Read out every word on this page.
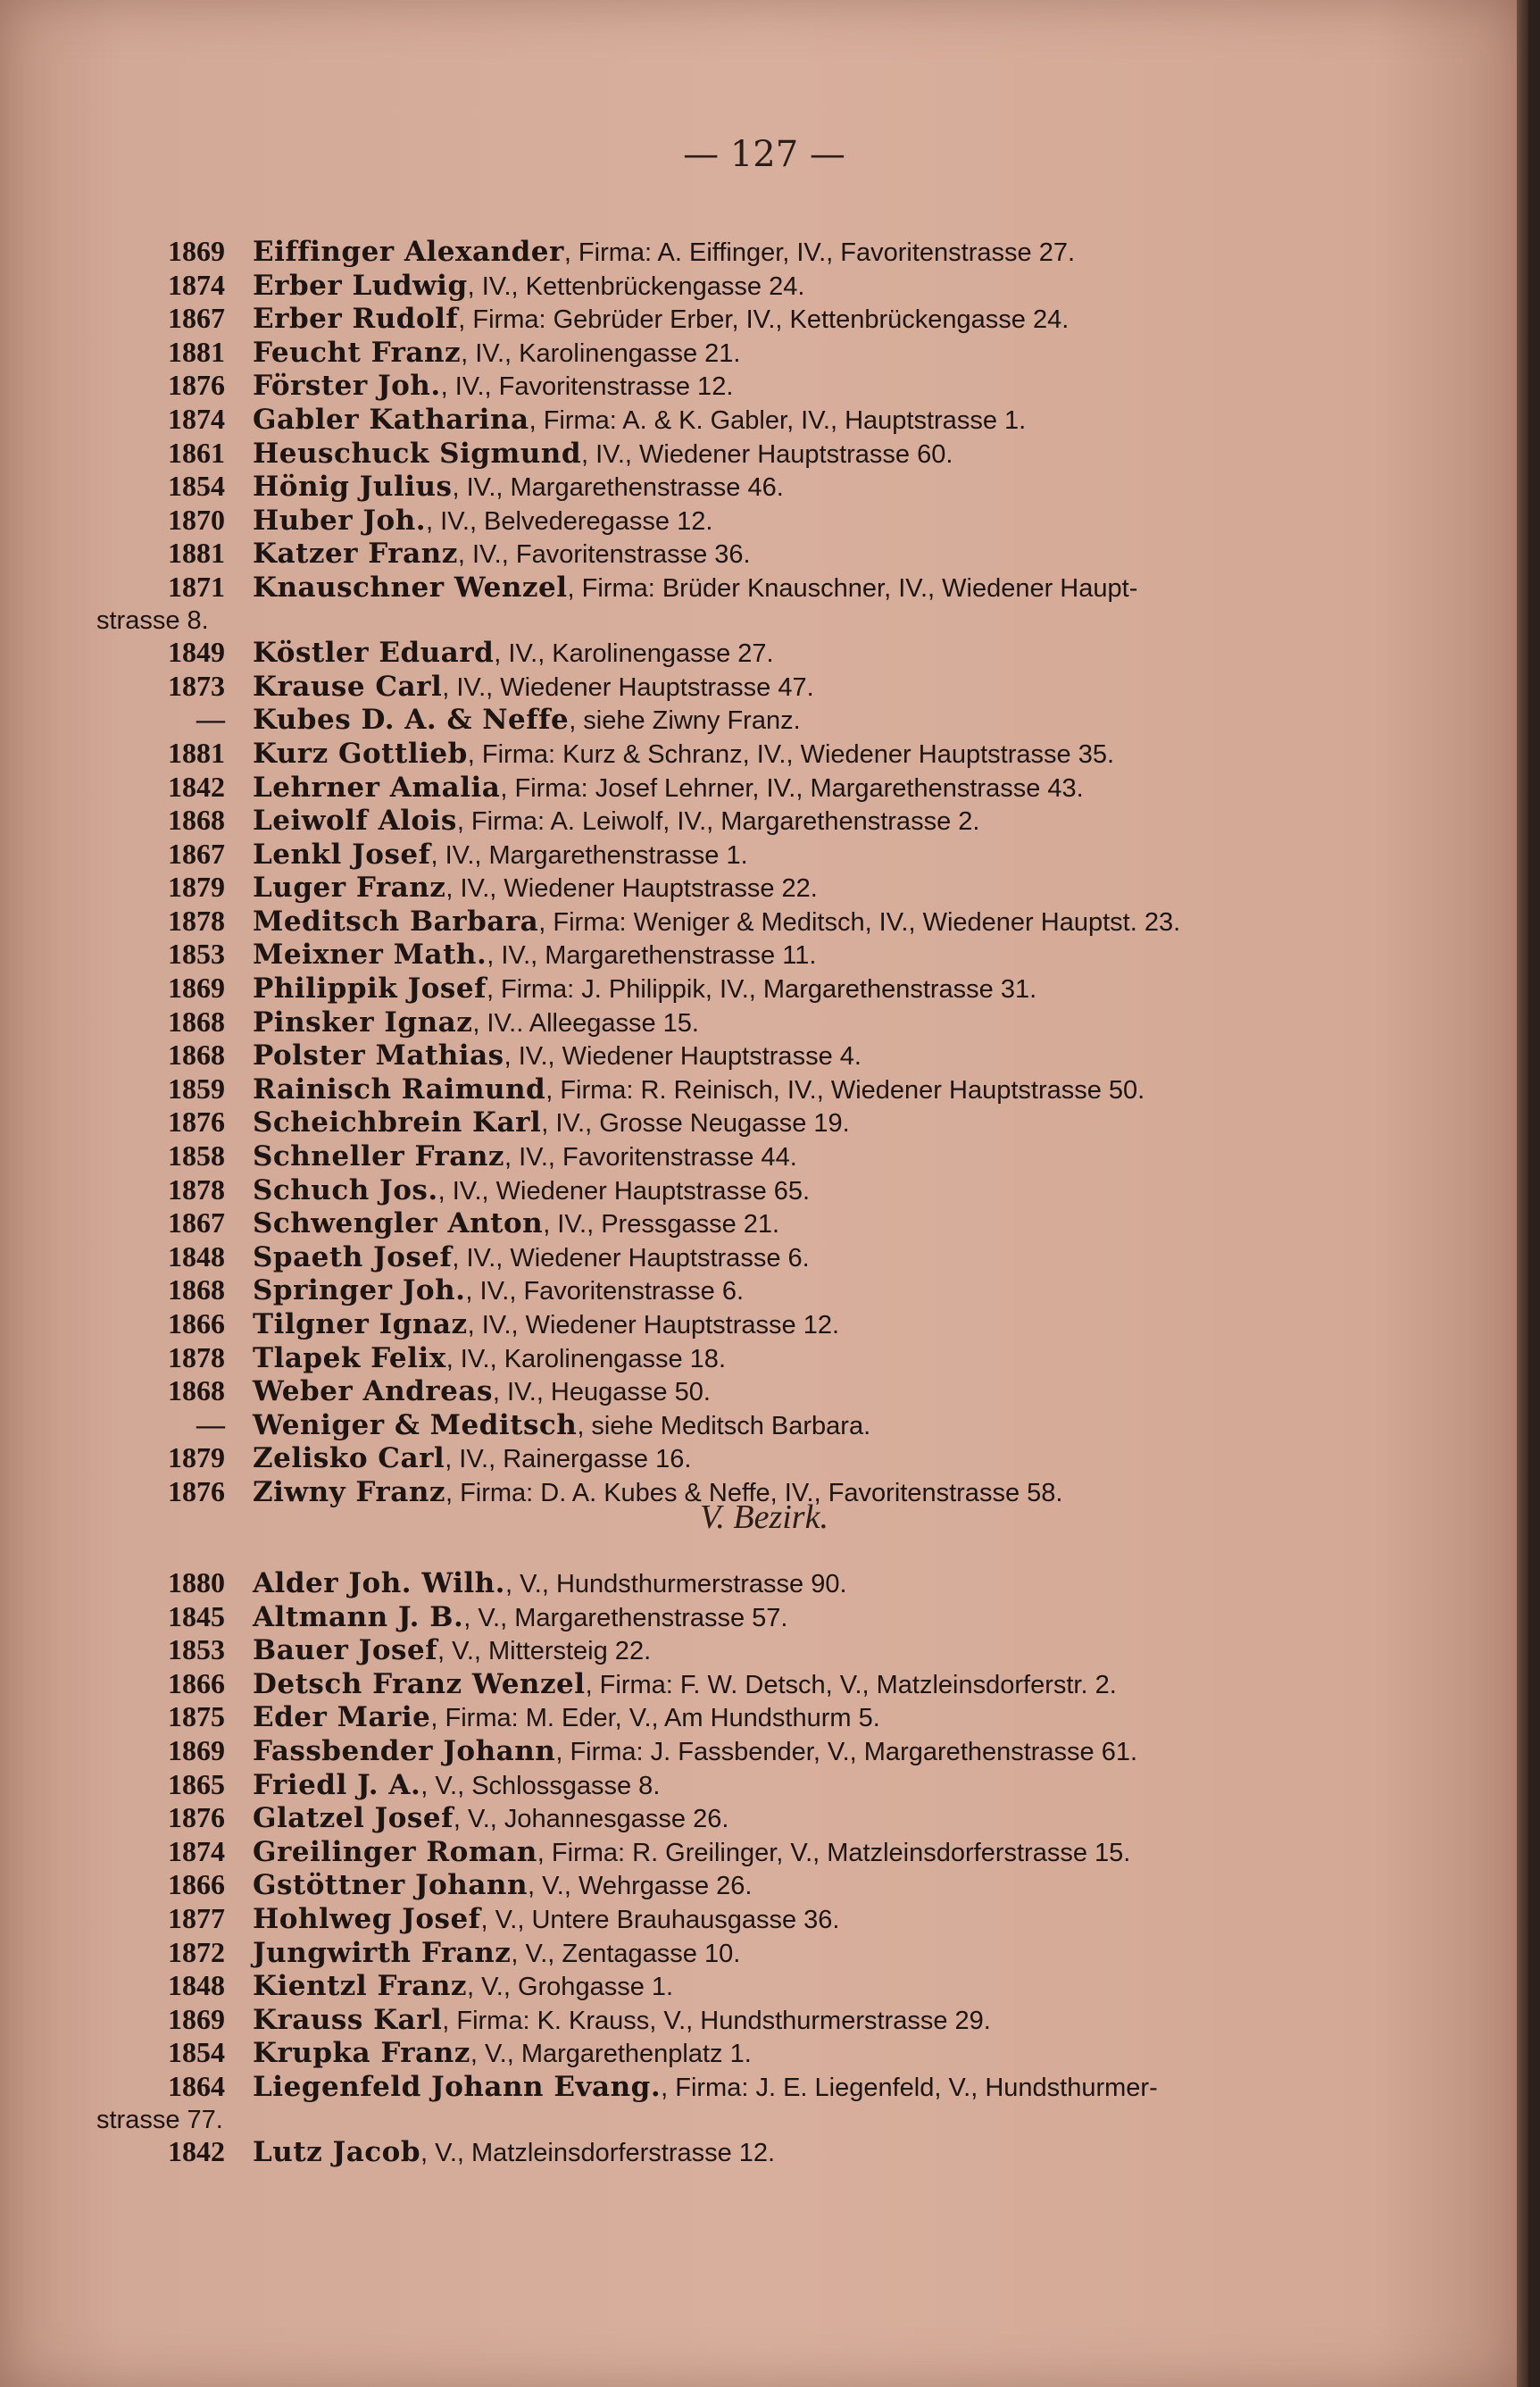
— 127 —
1869 Eiffinger Alexander, Firma: A. Eiffinger, IV., Favoritenstrasse 27.
1874 Erber Ludwig, IV., Kettenbrückengasse 24.
1867 Erber Rudolf, Firma: Gebrüder Erber, IV., Kettenbrückengasse 24.
1881 Feucht Franz, IV., Karolinengasse 21.
1876 Förster Joh., IV., Favoritenstrasse 12.
1874 Gabler Katharina, Firma: A. & K. Gabler, IV., Hauptstrasse 1.
1861 Heuschuck Sigmund, IV., Wiedener Hauptstrasse 60.
1854 Hönig Julius, IV., Margarethenstrasse 46.
1870 Huber Joh., IV., Belvederegasse 12.
1881 Katzer Franz, IV., Favoritenstrasse 36.
1871 Knauschner Wenzel, Firma: Brüder Knauschner, IV., Wiedener Haupt-
strasse 8.
1849 Köstler Eduard, IV., Karolinengasse 27.
1873 Krause Carl, IV., Wiedener Hauptstrasse 47.
— Kubes D. A. & Neffe, siehe Ziwny Franz.
1881 Kurz Gottlieb, Firma: Kurz & Schranz, IV., Wiedener Hauptstrasse 35.
1842 Lehrner Amalia, Firma: Josef Lehrner, IV., Margarethenstrasse 43.
1868 Leiwolf Alois, Firma: A. Leiwolf, IV., Margarethenstrasse 2.
1867 Lenkl Josef, IV., Margarethenstrasse 1.
1879 Luger Franz, IV., Wiedener Hauptstrasse 22.
1878 Meditsch Barbara, Firma: Weniger & Meditsch, IV., Wiedener Hauptst. 23.
1853 Meixner Math., IV., Margarethenstrasse 11.
1869 Philippik Josef, Firma: J. Philippik, IV., Margarethenstrasse 31.
1868 Pinsker Ignaz, IV.. Alleegasse 15.
1868 Polster Mathias, IV., Wiedener Hauptstrasse 4.
1859 Rainisch Raimund, Firma: R. Reinisch, IV., Wiedener Hauptstrasse 50.
1876 Scheichbrein Karl, IV., Grosse Neugasse 19.
1858 Schneller Franz, IV., Favoritenstrasse 44.
1878 Schuch Jos., IV., Wiedener Hauptstrasse 65.
1867 Schwengler Anton, IV., Pressgasse 21.
1848 Spaeth Josef, IV., Wiedener Hauptstrasse 6.
1868 Springer Joh., IV., Favoritenstrasse 6.
1866 Tilgner Ignaz, IV., Wiedener Hauptstrasse 12.
1878 Tlapek Felix, IV., Karolinengasse 18.
1868 Weber Andreas, IV., Heugasse 50.
— Weniger & Meditsch, siehe Meditsch Barbara.
1879 Zelisko Carl, IV., Rainergasse 16.
1876 Ziwny Franz, Firma: D. A. Kubes & Neffe, IV., Favoritenstrasse 58.
V. Bezirk.
1880 Alder Joh. Wilh., V., Hundsthurmerstrasse 90.
1845 Altmann J. B., V., Margarethenstrasse 57.
1853 Bauer Josef, V., Mittersteig 22.
1866 Detsch Franz Wenzel, Firma: F. W. Detsch, V., Matzleinsdorferstr. 2.
1875 Eder Marie, Firma: M. Eder, V., Am Hundsthurm 5.
1869 Fassbender Johann, Firma: J. Fassbender, V., Margarethenstrasse 61.
1865 Friedl J. A., V., Schlossgasse 8.
1876 Glatzel Josef, V., Johannesgasse 26.
1874 Greilinger Roman, Firma: R. Greilinger, V., Matzleinsdorferstrasse 15.
1866 Gstöttner Johann, V., Wehrgasse 26.
1877 Hohlweg Josef, V., Untere Brauhausgasse 36.
1872 Jungwirth Franz, V., Zentagasse 10.
1848 Kientzl Franz, V., Grohgasse 1.
1869 Krauss Karl, Firma: K. Krauss, V., Hundsthurmerstrasse 29.
1854 Krupka Franz, V., Margarethenplatz 1.
1864 Liegenfeld Johann Evang., Firma: J. E. Liegenfeld, V., Hundsthurmer-
strasse 77.
1842 Lutz Jacob, V., Matzleinsdorferstrasse 12.
